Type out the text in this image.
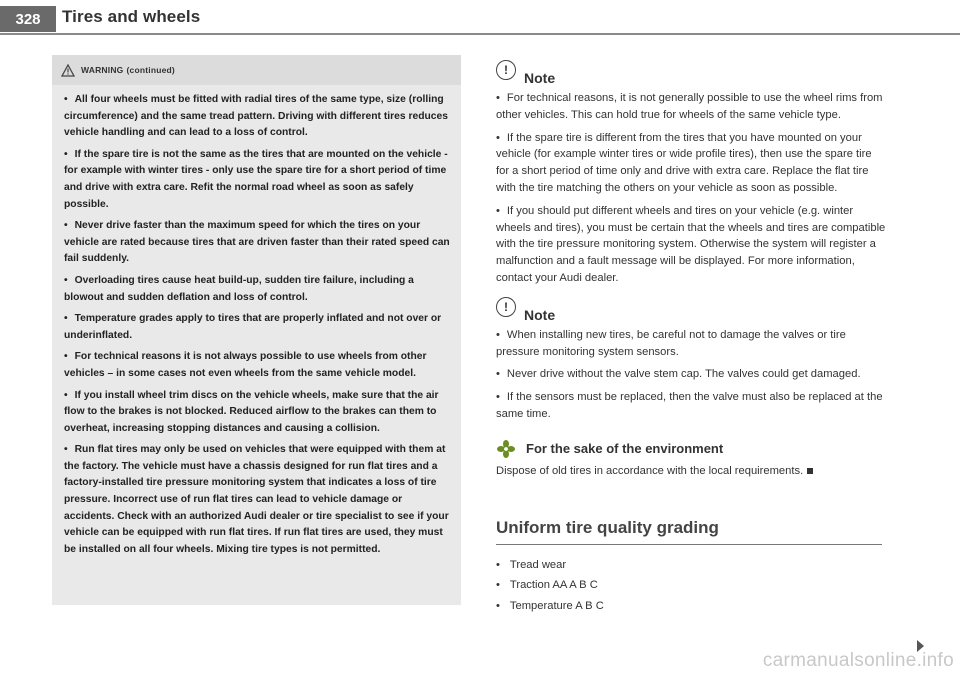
328	Tires and wheels
WARNING (continued)
• All four wheels must be fitted with radial tires of the same type, size (rolling circumference) and the same tread pattern. Driving with different tires reduces vehicle handling and can lead to a loss of control.
• If the spare tire is not the same as the tires that are mounted on the vehicle - for example with winter tires - only use the spare tire for a short period of time and drive with extra care. Refit the normal road wheel as soon as safely possible.
• Never drive faster than the maximum speed for which the tires on your vehicle are rated because tires that are driven faster than their rated speed can fail suddenly.
• Overloading tires cause heat build-up, sudden tire failure, including a blowout and sudden deflation and loss of control.
• Temperature grades apply to tires that are properly inflated and not over or underinflated.
• For technical reasons it is not always possible to use wheels from other vehicles – in some cases not even wheels from the same vehicle model.
• If you install wheel trim discs on the vehicle wheels, make sure that the air flow to the brakes is not blocked. Reduced airflow to the brakes can them to overheat, increasing stopping distances and causing a collision.
• Run flat tires may only be used on vehicles that were equipped with them at the factory. The vehicle must have a chassis designed for run flat tires and a factory-installed tire pressure monitoring system that indicates a loss of tire pressure. Incorrect use of run flat tires can lead to vehicle damage or accidents. Check with an authorized Audi dealer or tire specialist to see if your vehicle can be equipped with run flat tires. If run flat tires are used, they must be installed on all four wheels. Mixing tire types is not permitted.
!	Note
• For technical reasons, it is not generally possible to use the wheel rims from other vehicles. This can hold true for wheels of the same vehicle type.
• If the spare tire is different from the tires that you have mounted on your vehicle (for example winter tires or wide profile tires), then use the spare tire for a short period of time only and drive with extra care. Replace the flat tire with the tire matching the others on your vehicle as soon as possible.
• If you should put different wheels and tires on your vehicle (e.g. winter wheels and tires), you must be certain that the wheels and tires are compatible with the tire pressure monitoring system. Otherwise the system will register a malfunction and a fault message will be displayed. For more information, contact your Audi dealer.
!	Note
• When installing new tires, be careful not to damage the valves or tire pressure monitoring system sensors.
• Never drive without the valve stem cap. The valves could get damaged.
• If the sensors must be replaced, then the valve must also be replaced at the same time.
For the sake of the environment
Dispose of old tires in accordance with the local requirements.
Uniform tire quality grading
• Tread wear
• Traction AA A B C
• Temperature A B C
carmanualsonline.info
